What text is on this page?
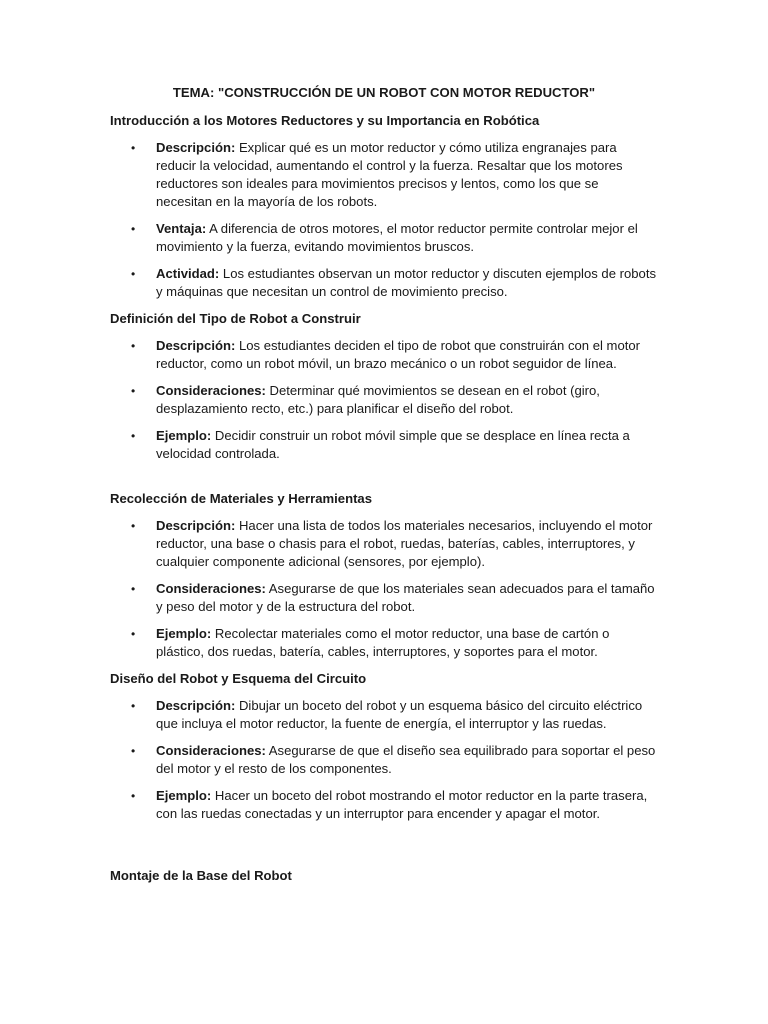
TEMA: "CONSTRUCCIÓN DE UN ROBOT CON MOTOR REDUCTOR"
Introducción a los Motores Reductores y su Importancia en Robótica
• Descripción: Explicar qué es un motor reductor y cómo utiliza engranajes para reducir la velocidad, aumentando el control y la fuerza. Resaltar que los motores reductores son ideales para movimientos precisos y lentos, como los que se necesitan en la mayoría de los robots.
• Ventaja: A diferencia de otros motores, el motor reductor permite controlar mejor el movimiento y la fuerza, evitando movimientos bruscos.
• Actividad: Los estudiantes observan un motor reductor y discuten ejemplos de robots y máquinas que necesitan un control de movimiento preciso.
Definición del Tipo de Robot a Construir
• Descripción: Los estudiantes deciden el tipo de robot que construirán con el motor reductor, como un robot móvil, un brazo mecánico o un robot seguidor de línea.
• Consideraciones: Determinar qué movimientos se desean en el robot (giro, desplazamiento recto, etc.) para planificar el diseño del robot.
• Ejemplo: Decidir construir un robot móvil simple que se desplace en línea recta a velocidad controlada.
Recolección de Materiales y Herramientas
• Descripción: Hacer una lista de todos los materiales necesarios, incluyendo el motor reductor, una base o chasis para el robot, ruedas, baterías, cables, interruptores, y cualquier componente adicional (sensores, por ejemplo).
• Consideraciones: Asegurarse de que los materiales sean adecuados para el tamaño y peso del motor y de la estructura del robot.
• Ejemplo: Recolectar materiales como el motor reductor, una base de cartón o plástico, dos ruedas, batería, cables, interruptores, y soportes para el motor.
Diseño del Robot y Esquema del Circuito
• Descripción: Dibujar un boceto del robot y un esquema básico del circuito eléctrico que incluya el motor reductor, la fuente de energía, el interruptor y las ruedas.
• Consideraciones: Asegurarse de que el diseño sea equilibrado para soportar el peso del motor y el resto de los componentes.
• Ejemplo: Hacer un boceto del robot mostrando el motor reductor en la parte trasera, con las ruedas conectadas y un interruptor para encender y apagar el motor.
Montaje de la Base del Robot
